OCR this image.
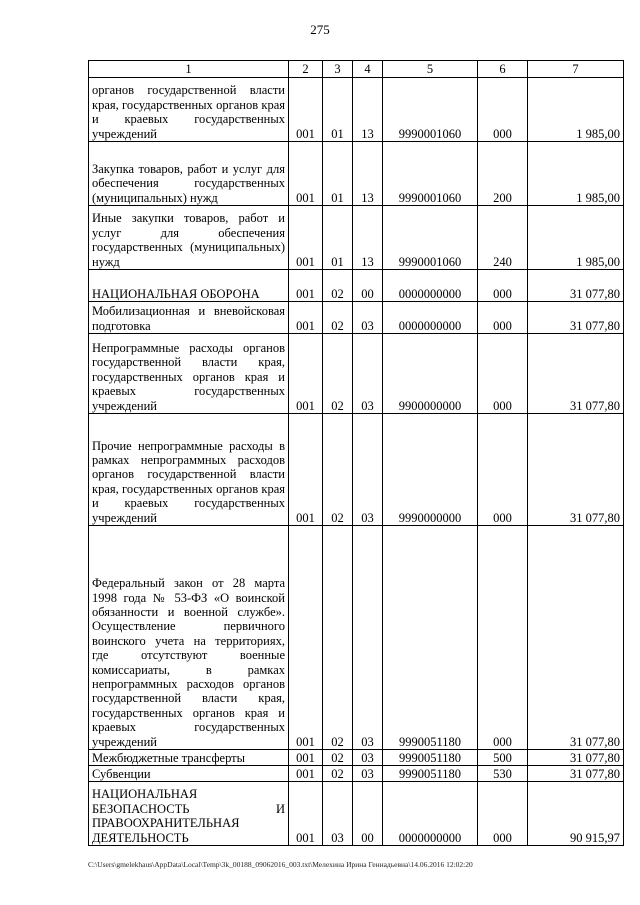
275
1	2	3	4	5	6	7
органов государственной власти края, государственных органов края и краевых государственных учреждений	001	01	13	9990001060	000	1 985,00
Закупка товаров, работ и услуг для обеспечения государственных (муниципальных) нужд	001	01	13	9990001060	200	1 985,00
Иные закупки товаров, работ и услуг для обеспечения государственных (муниципальных) нужд	001	01	13	9990001060	240	1 985,00
НАЦИОНАЛЬНАЯ ОБОРОНА	001	02	00	0000000000	000	31 077,80
Мобилизационная и вневойсковая подготовка	001	02	03	0000000000	000	31 077,80
Непрограммные расходы органов государственной власти края, государственных органов края и краевых государственных учреждений	001	02	03	9900000000	000	31 077,80
Прочие непрограммные расходы в рамках непрограммных расходов органов государственной власти края, государственных органов края и краевых государственных учреждений	001	02	03	9990000000	000	31 077,80
Федеральный закон от 28 марта 1998 года № 53-ФЗ «О воинской обязанности и военной службе». Осуществление первичного воинского учета на территориях, где отсутствуют военные комиссариаты, в рамках непрограммных расходов органов государственной власти края, государственных органов края и краевых государственных учреждений	001	02	03	9990051180	000	31 077,80
Межбюджетные трансферты	001	02	03	9990051180	500	31 077,80
Субвенции	001	02	03	9990051180	530	31 077,80
НАЦИОНАЛЬНАЯ БЕЗОПАСНОСТЬ И ПРАВООХРАНИТЕЛЬНАЯ ДЕЯТЕЛЬНОСТЬ	001	03	00	0000000000	000	90 915,97
C:\Users\gmelekhaus\AppData\Local\Temp\3k_00188_09062016_003.txt\Мелехина Ирина Геннадьевна\14.06.2016 12:02:20
